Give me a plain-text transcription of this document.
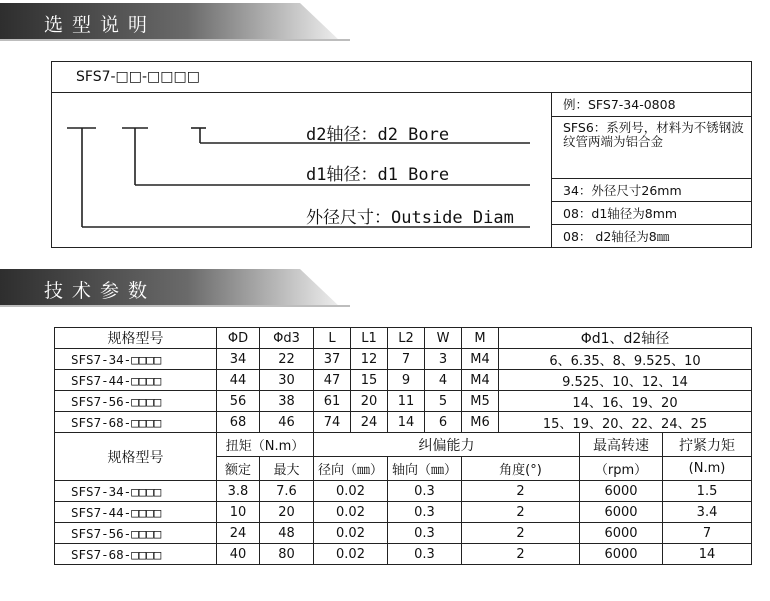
选型说明
SFS7-□□-□□□□
d2轴径：d2 Bore
d1轴径：d1 Bore
外径尺寸：Outside Diam
例：SFS7-34-0808
SFS6：系列号，材料为不锈钢波纹管两端为铝合金
34：外径尺寸26mm
08：d1轴径为8mm
08： d2轴径为8㎜
技术参数
规格型号	ΦD	Φd3	L	L1	L2	W	M	Φd1、d2轴径		
SFS7-34-□□□□	34	22	37	12	7	3	M4	6、6.35、8、9.525、10		
SFS7-44-□□□□	44	30	47	15	9	4	M4	9.525、10、12、14		
SFS7-56-□□□□	56	38	61	20	11	5	M5	14、16、19、20		
SFS7-68-□□□□	68	46	74	24	14	6	M6	15、19、20、22、24、25		
规格型号	扭矩（N.m）		纠偏能力						最高转速	拧紧力矩
	额定	最大	径向（㎜）		轴向（㎜）		角度(°)		（rpm）	(N.m)
SFS7-34-□□□□	3.8	7.6	0.02		0.3		2		6000	1.5
SFS7-44-□□□□	10	20	0.02		0.3		2		6000	3.4
SFS7-56-□□□□	24	48	0.02		0.3		2		6000	7
SFS7-68-□□□□	40	80	0.02		0.3		2		6000	14
